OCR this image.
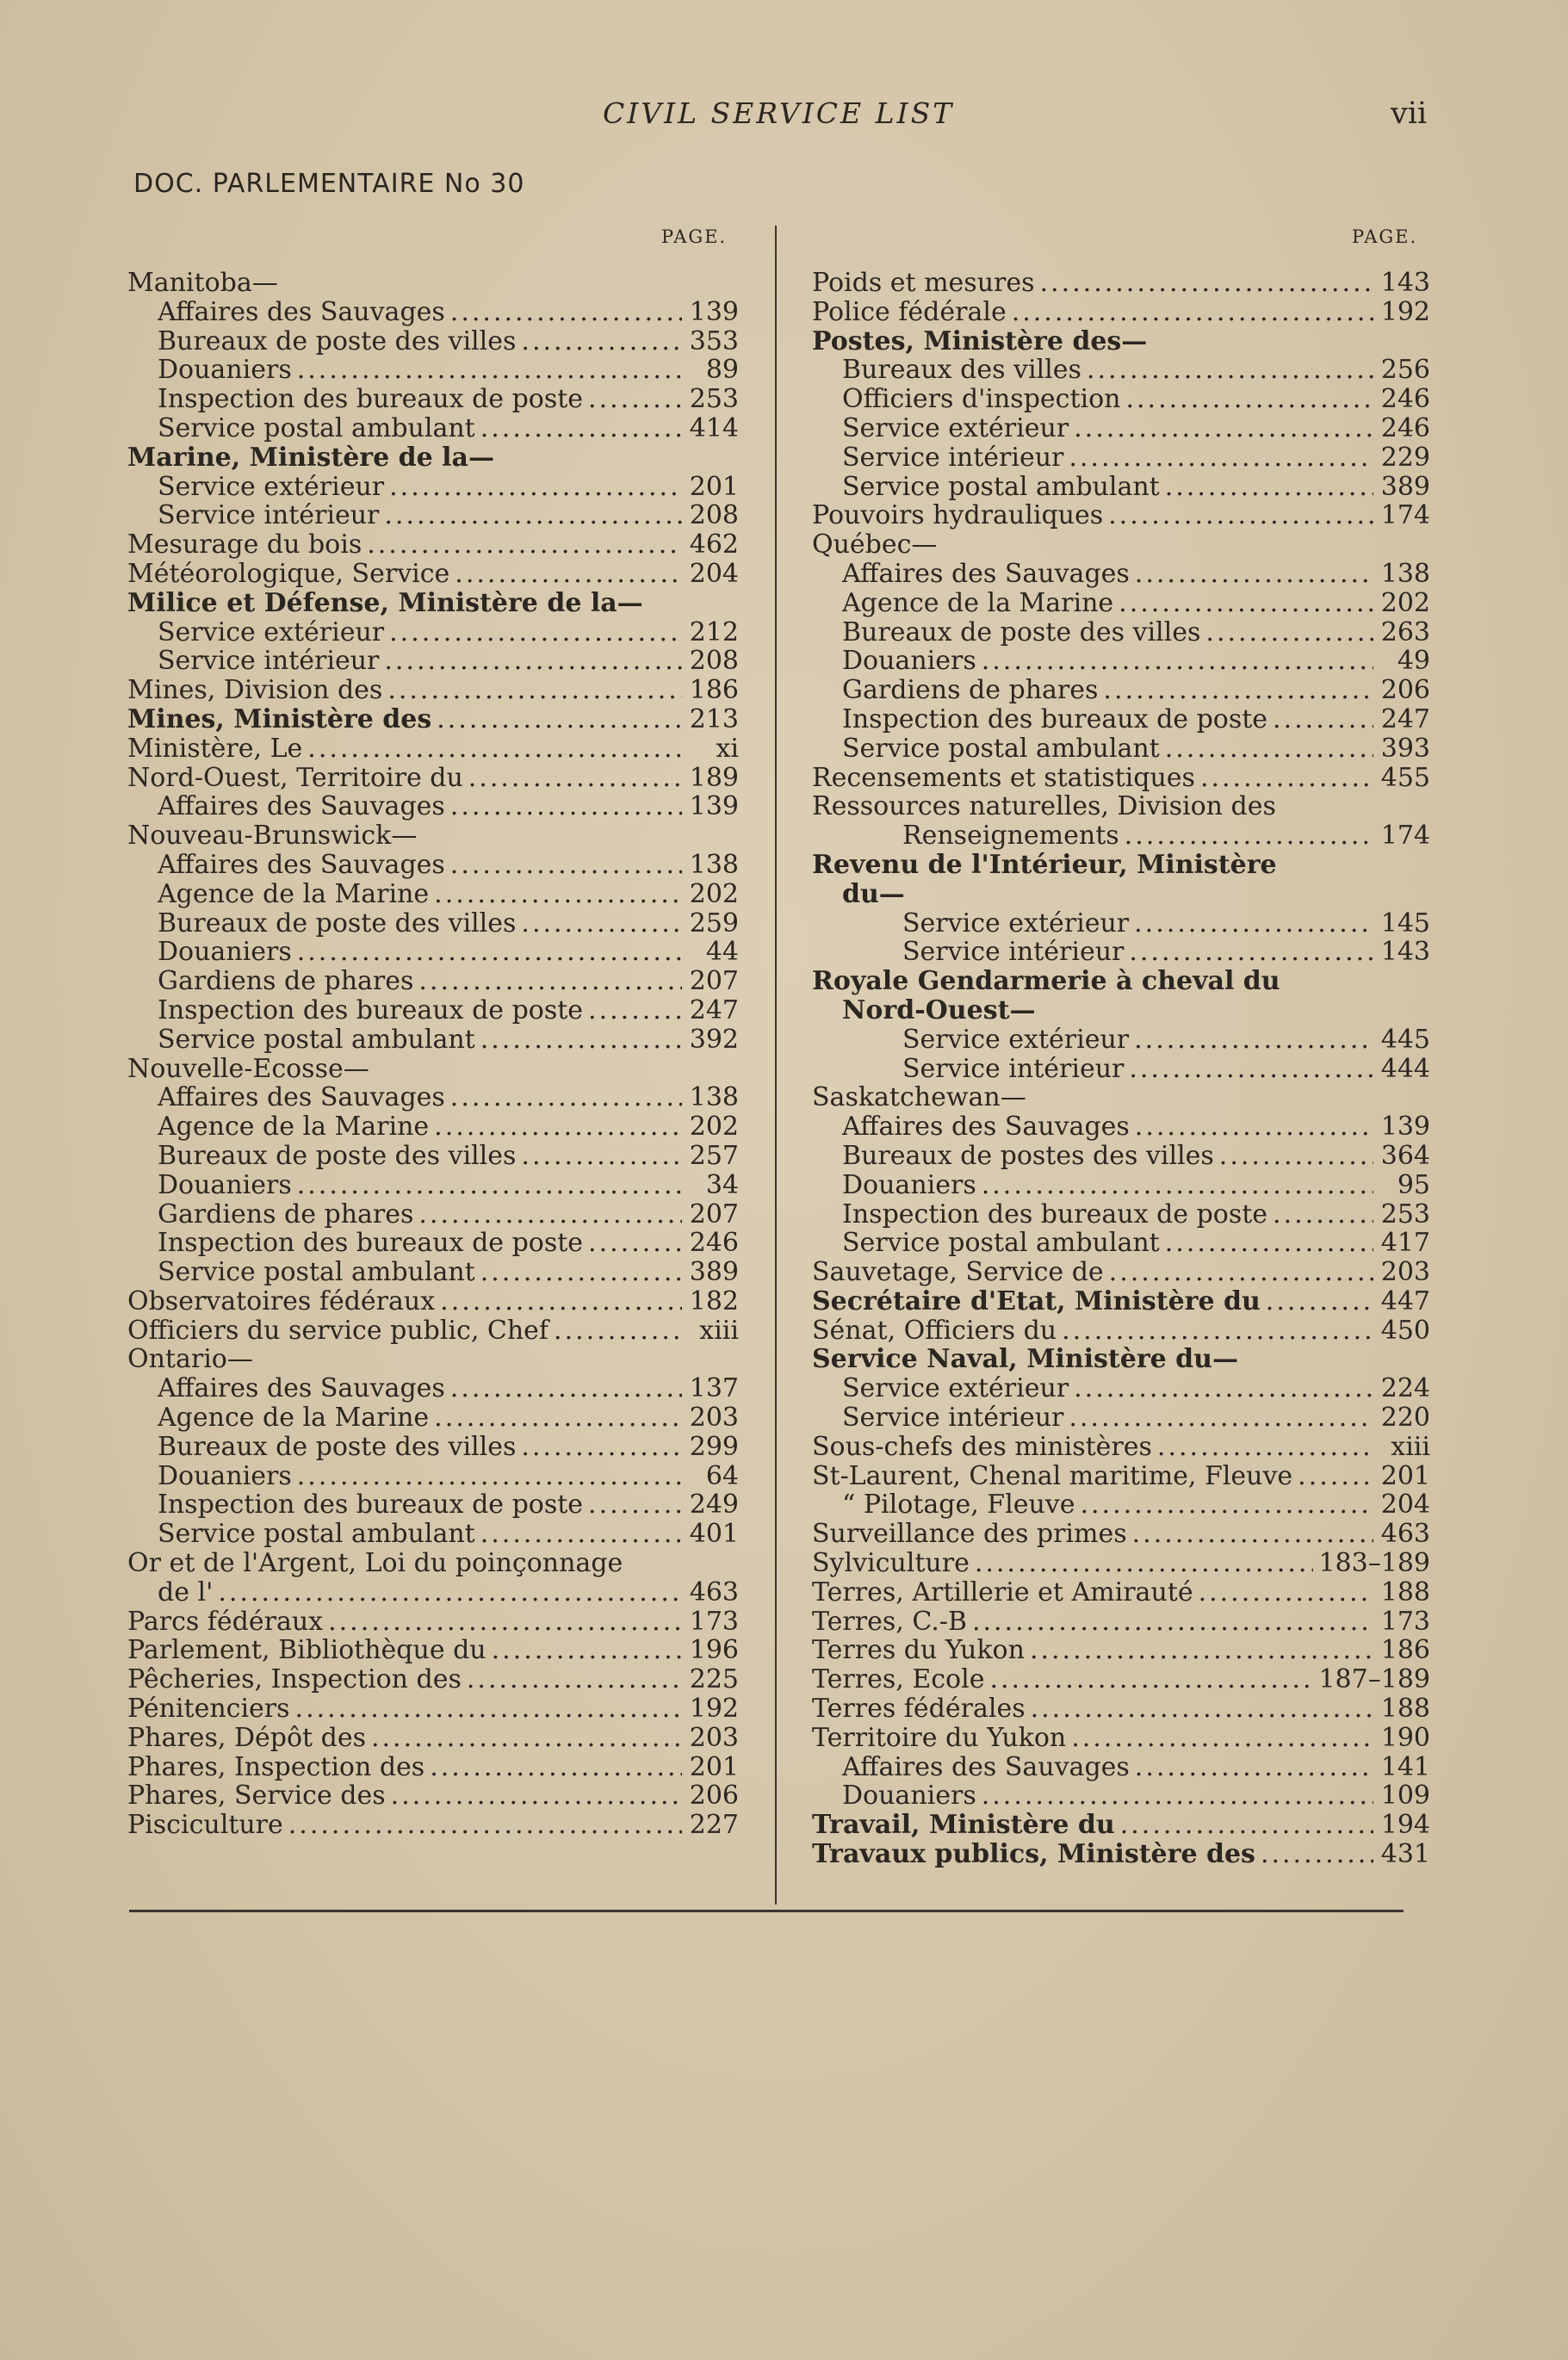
CIVIL SERVICE LIST	vii
DOC. PARLEMENTAIRE No 30
PAGE.	PAGE.
Manitoba—
Affaires des Sauvages .....	139
Bureaux de poste des villes .....	353
Douaniers .....	89
Inspection des bureaux de poste .....	253
Service postal ambulant .....	414
Marine, Ministère de la—
Service extérieur .....	201
Service intérieur .....	208
Mesurage du bois .....	462
Météorologique, Service .....	204
Milice et Défense, Ministère de la—
Service extérieur .....	212
Service intérieur .....	208
Mines, Division des .....	186
Mines, Ministère des .....	213
Ministère, Le .....	xi
Nord-Ouest, Territoire du .....	189
Affaires des Sauvages .....	139
Nouveau-Brunswick—
Affaires des Sauvages .....	138
Agence de la Marine .....	202
Bureaux de poste des villes .....	259
Douaniers .....	44
Gardiens de phares .....	207
Inspection des bureaux de poste .....	247
Service postal ambulant .....	392
Nouvelle-Ecosse—
Affaires des Sauvages .....	138
Agence de la Marine .....	202
Bureaux de poste des villes .....	257
Douaniers .....	34
Gardiens de phares .....	207
Inspection des bureaux de poste .....	246
Service postal ambulant .....	389
Observatoires fédéraux .....	182
Officiers du service public, Chef .....	xiii
Ontario—
Affaires des Sauvages .....	137
Agence de la Marine .....	203
Bureaux de poste des villes .....	299
Douaniers .....	64
Inspection des bureaux de poste .....	249
Service postal ambulant .....	401
Or et de l'Argent, Loi du poinçonnage
de l' .....	463
Parcs fédéraux .....	173
Parlement, Bibliothèque du .....	196
Pêcheries, Inspection des .....	225
Pénitenciers .....	192
Phares, Dépôt des .....	203
Phares, Inspection des .....	201
Phares, Service des .....	206
Pisciculture .....	227
Poids et mesures .....	143
Police fédérale .....	192
Postes, Ministère des—
Bureaux des villes .....	256
Officiers d'inspection .....	246
Service extérieur .....	246
Service intérieur .....	229
Service postal ambulant .....	389
Pouvoirs hydrauliques .....	174
Québec—
Affaires des Sauvages .....	138
Agence de la Marine .....	202
Bureaux de poste des villes .....	263
Douaniers .....	49
Gardiens de phares .....	206
Inspection des bureaux de poste .....	247
Service postal ambulant .....	393
Recensements et statistiques .....	455
Ressources naturelles, Division des
Renseignements .....	174
Revenu de l'Intérieur, Ministère
du—
Service extérieur .....	145
Service intérieur .....	143
Royale Gendarmerie à cheval du
Nord-Ouest—
Service extérieur .....	445
Service intérieur .....	444
Saskatchewan—
Affaires des Sauvages .....	139
Bureaux de postes des villes .....	364
Douaniers .....	95
Inspection des bureaux de poste .....	253
Service postal ambulant .....	417
Sauvetage, Service de .....	203
Secrétaire d'Etat, Ministère du .....	447
Sénat, Officiers du .....	450
Service Naval, Ministère du—
Service extérieur .....	224
Service intérieur .....	220
Sous-chefs des ministères .....	xiii
St-Laurent, Chenal maritime, Fleuve .....	201
“ Pilotage, Fleuve .....	204
Surveillance des primes .....	463
Sylviculture .....	183–189
Terres, Artillerie et Amirauté .....	188
Terres, C.-B .....	173
Terres du Yukon .....	186
Terres, Ecole .....	187–189
Terres fédérales .....	188
Territoire du Yukon .....	190
Affaires des Sauvages .....	141
Douaniers .....	109
Travail, Ministère du .....	194
Travaux publics, Ministère des .....	431
